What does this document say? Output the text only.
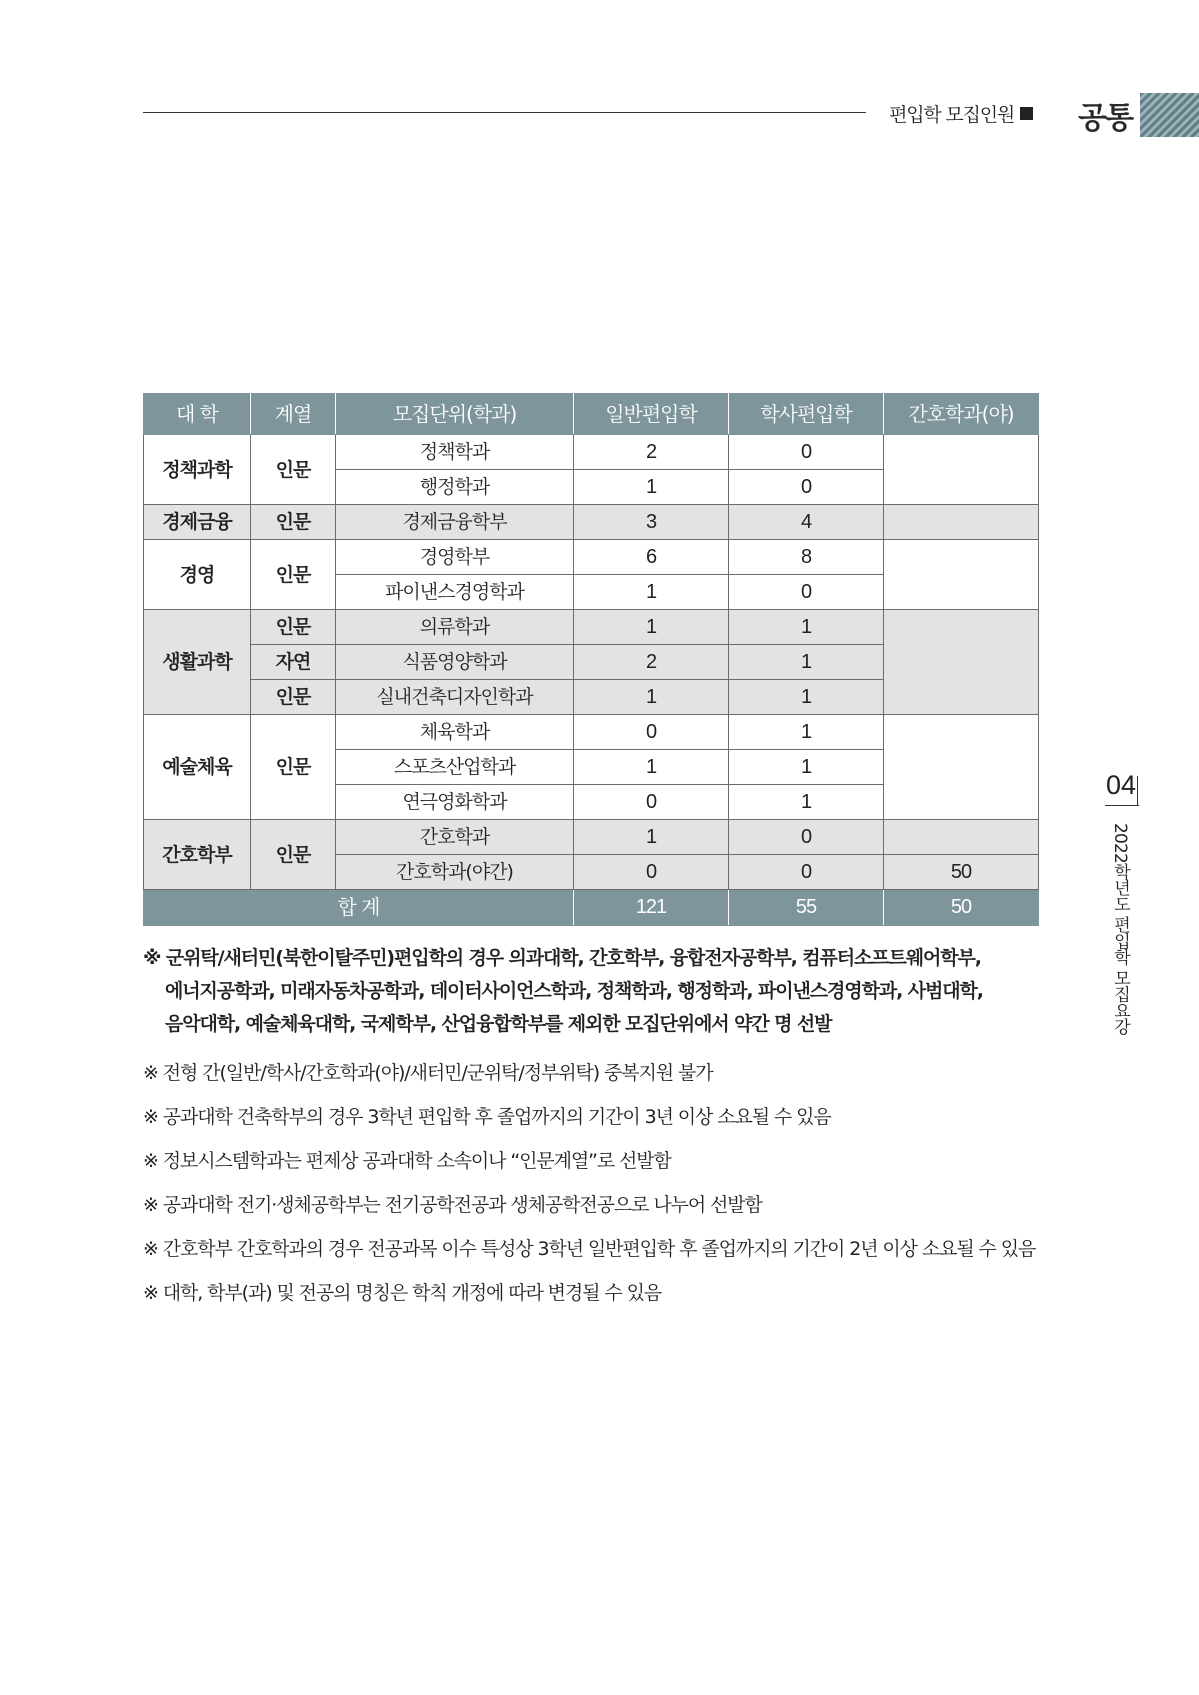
편입학 모집인원 공통
대 학	계열	모집단위(학과)	일반편입학	학사편입학	간호학과(야)
정책과학	인문	정책학과	2	0	
		행정학과	1	0	
경제금융	인문	경제금융학부	3	4	
경영	인문	경영학부	6	8	
		파이낸스경영학과	1	0	
생활과학	인문	의류학과	1	1	
	자연	식품영양학과	2	1	
	인문	실내건축디자인학과	1	1	
예술체육	인문	체육학과	0	1	
		스포츠산업학과	1	1	
		연극영화학과	0	1	
간호학부	인문	간호학과	1	0	
		간호학과(야간)	0	0	50
합 계			121	55	50
※ 군위탁/새터민(북한이탈주민)편입학의 경우 의과대학, 간호학부, 융합전자공학부, 컴퓨터소프트웨어학부,
에너지공학과, 미래자동차공학과, 데이터사이언스학과, 정책학과, 행정학과, 파이낸스경영학과, 사범대학,
음악대학, 예술체육대학, 국제학부, 산업융합학부를 제외한 모집단위에서 약간 명 선발
※ 전형 간(일반/학사/간호학과(야)/새터민/군위탁/정부위탁) 중복지원 불가
※ 공과대학 건축학부의 경우 3학년 편입학 후 졸업까지의 기간이 3년 이상 소요될 수 있음
※ 정보시스템학과는 편제상 공과대학 소속이나 “인문계열”로 선발함
※ 공과대학 전기·생체공학부는 전기공학전공과 생체공학전공으로 나누어 선발함
※ 간호학부 간호학과의 경우 전공과목 이수 특성상 3학년 일반편입학 후 졸업까지의 기간이 2년 이상 소요될 수 있음
※ 대학, 학부(과) 및 전공의 명칭은 학칙 개정에 따라 변경될 수 있음
04
2022학년도 편입학 모집요강
